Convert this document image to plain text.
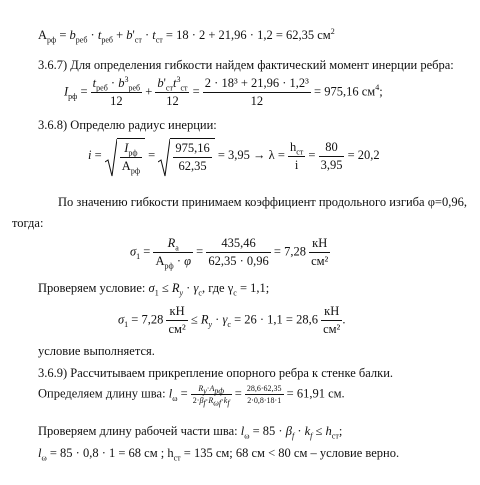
$A_{рф} = b_{реб} \cdot t_{реб} + b'_{ст} \cdot t_{ст} = 18 \cdot 2 + 21,96 \cdot 1,2 = 62,35$ $см^2$
3.6.7) Для определения гибкости найдем фактический момент инерции ребра:
$I_{рф} = \frac{t_{реб} \cdot b^3_{реб}}{12} + \frac{b'_{ст}t^3_{ст}}{12} = \frac{\text{2 · 18³ + 21,96 · 1,2³}}{12} = 975,16$ $см^4$;
3.6.8) Определю радиус инерции:
$i = \frac{I_{рф}}{A_{рф}} = \frac{975,16}{62,35} = 3,95 \to \lambda = \frac{h_{ст}}{i} = \frac{80}{3,95} = 20,2$
По значению гибкости принимаем коэффициент продольного изгиба φ=0,96,
тогда:
$\sigma_1 = \frac{R_a}{A_{рф} \cdot \varphi} = \frac{435,46}{62,35 \cdot 0,96} = 7,28 \frac{кН}{\text{см²}}$
Проверяем условие: $\sigma_1 \le R_y \cdot \gamma_c$, где $\gamma_с = 1,1$;
$\sigma_1 = 7,28 \frac{кН}{\text{см²}} \le R_y \cdot \gamma_c = 26 \cdot 1,1 = 28,6 \frac{кН}{\text{см²}}$ .
условие выполняется.
3.6.9) Рассчитываем прикрепление опорного ребра к стенке балки.
Определяем длину шва: $l_\omega = \frac{R_y\cdot A_{рф}}{2\cdot\beta_f\cdot R_{\omega f}\cdot k_f} = \frac{28,6\cdot 62,35}{2\cdot 0,8\cdot 18\cdot 1} = 61,91$ см.
Проверяем длину рабочей части шва: $l_\omega = 85 \cdot \beta_f \cdot k_f \le h_{ст}$;
$l_\omega = 85 \cdot 0,8 \cdot 1 = 68$ см ; $h_{ст} = 135$ см; 68 см < 80 см – условие верно.
